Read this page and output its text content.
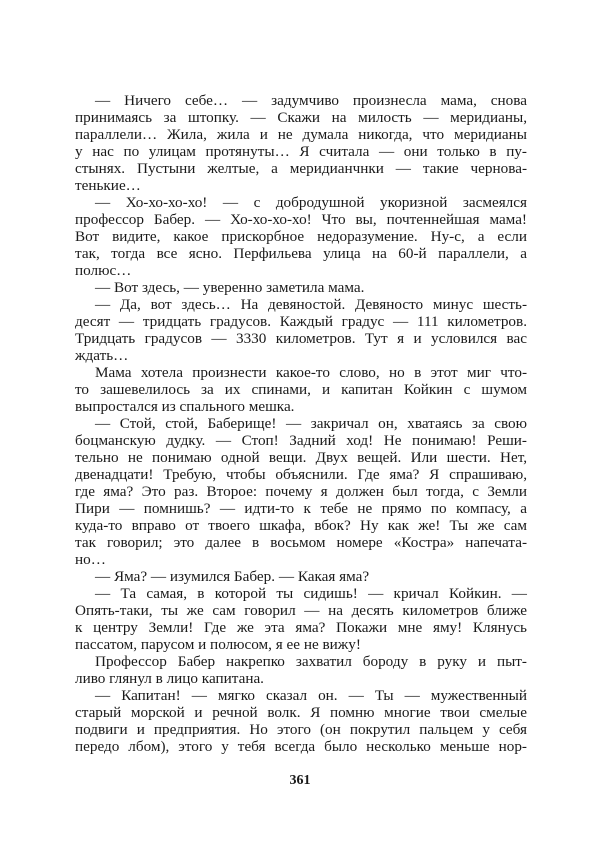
— Ничего себе… — задумчиво произнесла мама, снова
принимаясь за штопку. — Скажи на милость — меридианы,
параллели… Жила, жила и не думала никогда, что меридианы
у нас по улицам протянуты… Я считала — они только в пу-
стынях. Пустыни желтые, а меридианчнки — такие чернова-
тенькие…
— Хо-хо-хо-хо! — с добродушной укоризной засмеялся
профессор Бабер. — Хо-хо-хо-хо! Что вы, почтеннейшая мама!
Вот видите, какое прискорбное недоразумение. Ну-с, а если
так, тогда все ясно. Перфильева улица на 60-й параллели, а
полюс…
— Вот здесь, — уверенно заметила мама.
— Да, вот здесь… На девяностой. Девяносто минус шесть-
десят — тридцать градусов. Каждый градус — 111 километров.
Тридцать градусов — 3330 километров. Тут я и условился вас
ждать…
Мама хотела произнести какое-то слово, но в этот миг что-
то зашевелилось за их спинами, и капитан Койкин с шумом
выпростался из спального мешка.
— Стой, стой, Баберище! — закричал он, хватаясь за свою
боцманскую дудку. — Стоп! Задний ход! Не понимаю! Реши-
тельно не понимаю одной вещи. Двух вещей. Или шести. Нет,
двенадцати! Требую, чтобы объяснили. Где яма? Я спрашиваю,
где яма? Это раз. Второе: почему я должен был тогда, с Земли
Пири — помнишь? — идти-то к тебе не прямо по компасу, а
куда-то вправо от твоего шкафа, вбок? Ну как же! Ты же сам
так говорил; это далее в восьмом номере «Костра» напечата-
но…
— Яма? — изумился Бабер. — Какая яма?
— Та самая, в которой ты сидишь! — кричал Койкин. —
Опять-таки, ты же сам говорил — на десять километров ближе
к центру Земли! Где же эта яма? Покажи мне яму! Клянусь
пассатом, парусом и полюсом, я ее не вижу!
Профессор Бабер накрепко захватил бороду в руку и пыт-
ливо глянул в лицо капитана.
— Капитан! — мягко сказал он. — Ты — мужественный
старый морской и речной волк. Я помню многие твои смелые
подвиги и предприятия. Но этого (он покрутил пальцем у себя
передо лбом), этого у тебя всегда было несколько меньше нор-
361
